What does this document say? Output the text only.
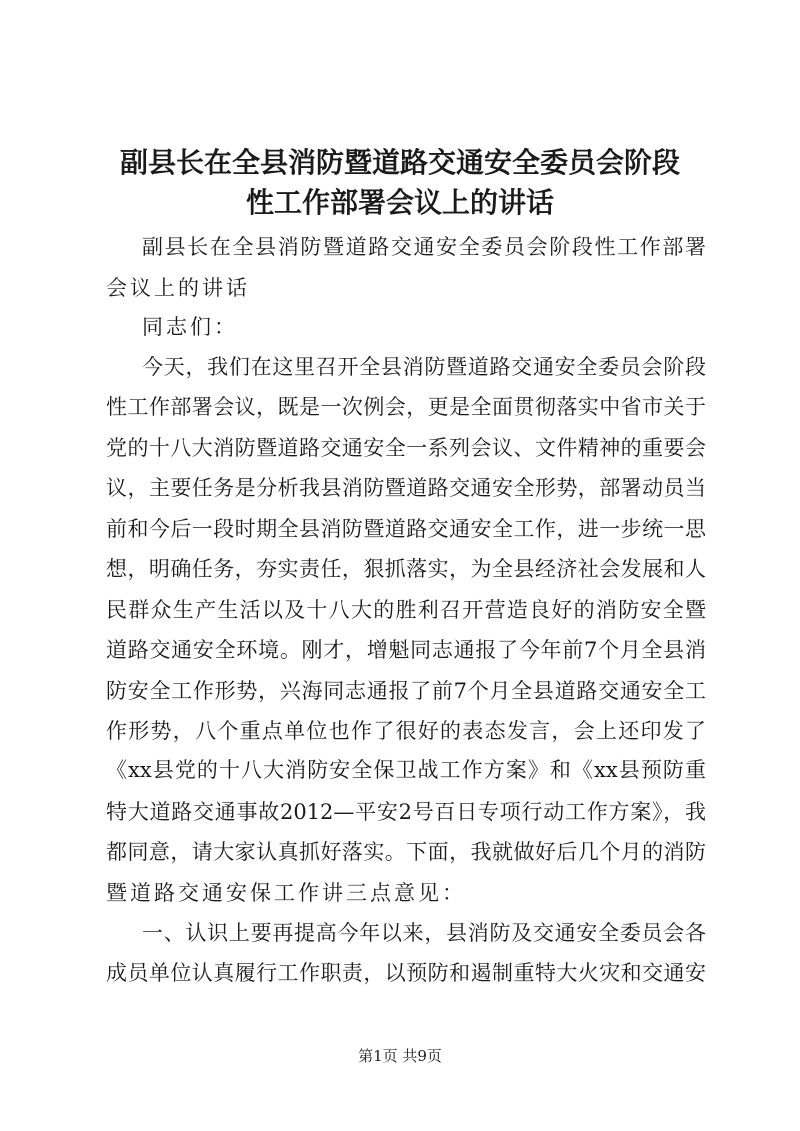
副县长在全县消防暨道路交通安全委员会阶段
性工作部署会议上的讲话
副县长在全县消防暨道路交通安全委员会阶段性工作部署
会议上的讲话
同志们：
今天，我们在这里召开全县消防暨道路交通安全委员会阶段
性工作部署会议，既是一次例会，更是全面贯彻落实中省市关于
党的十八大消防暨道路交通安全一系列会议、文件精神的重要会
议，主要任务是分析我县消防暨道路交通安全形势，部署动员当
前和今后一段时期全县消防暨道路交通安全工作，进一步统一思
想，明确任务，夯实责任，狠抓落实，为全县经济社会发展和人
民群众生产生活以及十八大的胜利召开营造良好的消防安全暨
道路交通安全环境。刚才，增魁同志通报了今年前7个月全县消
防安全工作形势，兴海同志通报了前7个月全县道路交通安全工
作形势，八个重点单位也作了很好的表态发言，会上还印发了
《xx县党的十八大消防安全保卫战工作方案》和《xx县预防重
特大道路交通事故2012—平安2号百日专项行动工作方案》，我
都同意，请大家认真抓好落实。下面，我就做好后几个月的消防
暨道路交通安保工作讲三点意见：
一、认识上要再提高今年以来，县消防及交通安全委员会各
成员单位认真履行工作职责，以预防和遏制重特大火灾和交通安
第1页 共9页
